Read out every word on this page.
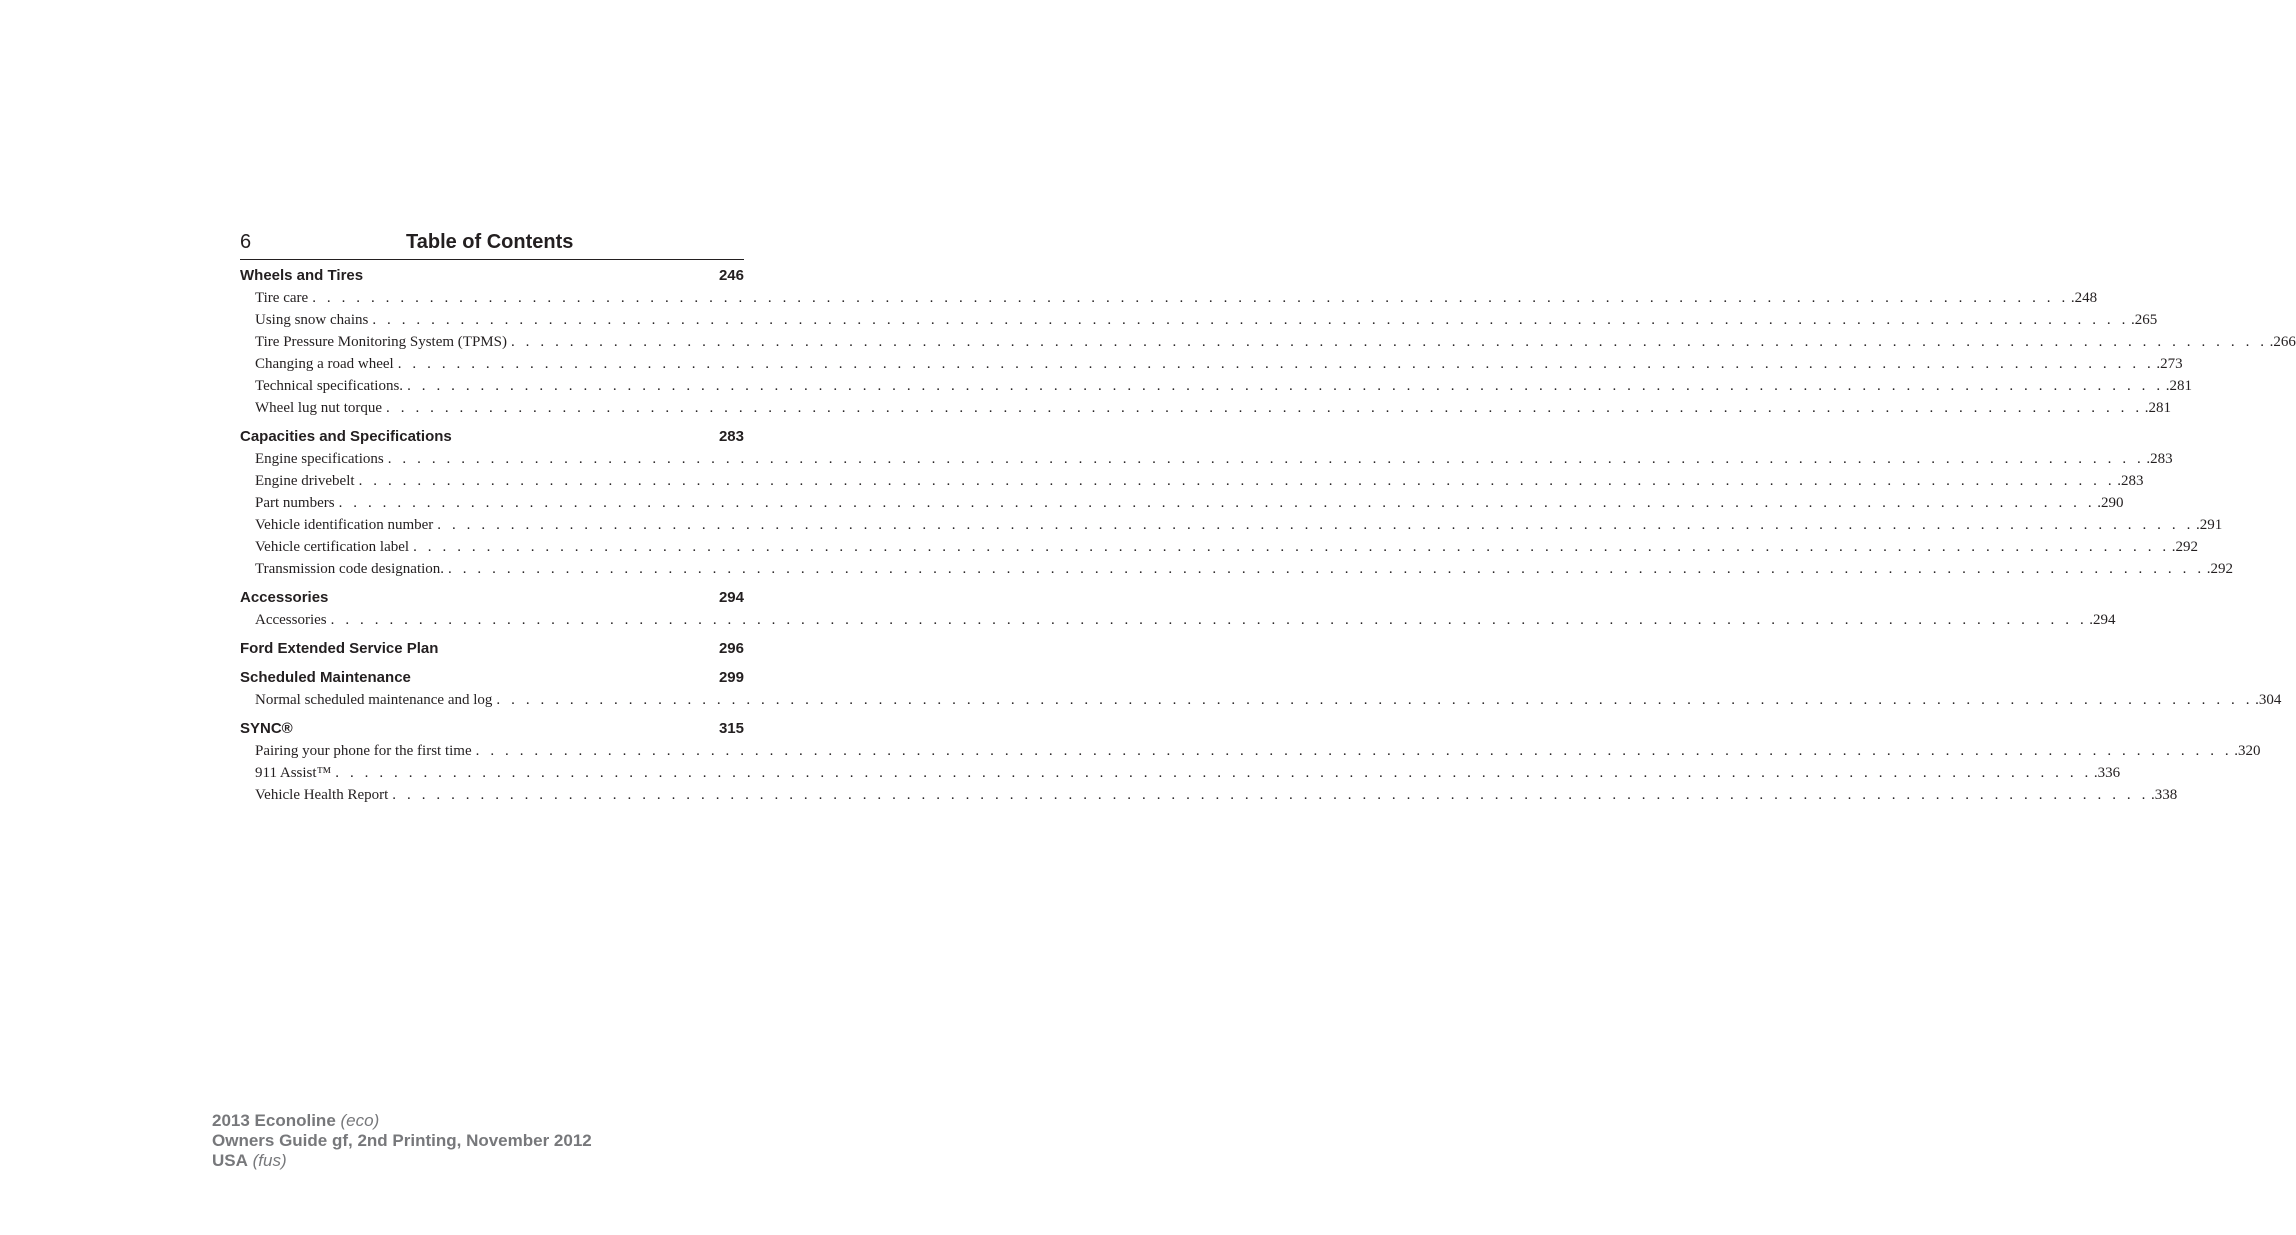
6	Table of Contents
Wheels and Tires	246
Tire care . . . . . . . . . . . . . . . . . . . . . . . . . . . . . . . . . . . . . . . . . . . . . . . . . . . . . . . . . . . . . . . . . . . . . . . . . . . . . . . . . . . . . . . . . . . . . . . . . . . . . . . . . . . . . . . . . . . . . . . . .248
Using snow chains . . . . . . . . . . . . . . . . . . . . . . . . . . . . . . . . . . . . . . . . . . . . . . . . . . . . . . . . . . . . . . . . . . . . . . . . . . . . . . . . . . . . . . . . . . . . . . . . . . . . . . . . . . . . . . . . . . . . . . . . .265
Tire Pressure Monitoring System (TPMS) . . . . . . . . . . . . . . . . . . . . . . . . . . . . . . . . . . . . . . . . . . . . . . . . . . . . . . . . . . . . . . . . . . . . . . . . . . . . . . . . . . . . . . . . . . . . . . . . . . . . . . . . . . . . . . . . . . . . . . . . .266
Changing a road wheel . . . . . . . . . . . . . . . . . . . . . . . . . . . . . . . . . . . . . . . . . . . . . . . . . . . . . . . . . . . . . . . . . . . . . . . . . . . . . . . . . . . . . . . . . . . . . . . . . . . . . . . . . . . . . . . . . . . . . . . . .273
Technical specifications. . . . . . . . . . . . . . . . . . . . . . . . . . . . . . . . . . . . . . . . . . . . . . . . . . . . . . . . . . . . . . . . . . . . . . . . . . . . . . . . . . . . . . . . . . . . . . . . . . . . . . . . . . . . . . . . . . . . . . . . . .281
Wheel lug nut torque . . . . . . . . . . . . . . . . . . . . . . . . . . . . . . . . . . . . . . . . . . . . . . . . . . . . . . . . . . . . . . . . . . . . . . . . . . . . . . . . . . . . . . . . . . . . . . . . . . . . . . . . . . . . . . . . . . . . . . . . .281
Capacities and Specifications	283
Engine specifications . . . . . . . . . . . . . . . . . . . . . . . . . . . . . . . . . . . . . . . . . . . . . . . . . . . . . . . . . . . . . . . . . . . . . . . . . . . . . . . . . . . . . . . . . . . . . . . . . . . . . . . . . . . . . . . . . . . . . . . . .283
Engine drivebelt . . . . . . . . . . . . . . . . . . . . . . . . . . . . . . . . . . . . . . . . . . . . . . . . . . . . . . . . . . . . . . . . . . . . . . . . . . . . . . . . . . . . . . . . . . . . . . . . . . . . . . . . . . . . . . . . . . . . . . . . .283
Part numbers . . . . . . . . . . . . . . . . . . . . . . . . . . . . . . . . . . . . . . . . . . . . . . . . . . . . . . . . . . . . . . . . . . . . . . . . . . . . . . . . . . . . . . . . . . . . . . . . . . . . . . . . . . . . . . . . . . . . . . . . .290
Vehicle identification number . . . . . . . . . . . . . . . . . . . . . . . . . . . . . . . . . . . . . . . . . . . . . . . . . . . . . . . . . . . . . . . . . . . . . . . . . . . . . . . . . . . . . . . . . . . . . . . . . . . . . . . . . . . . . . . . . . . . . . . . .291
Vehicle certification label . . . . . . . . . . . . . . . . . . . . . . . . . . . . . . . . . . . . . . . . . . . . . . . . . . . . . . . . . . . . . . . . . . . . . . . . . . . . . . . . . . . . . . . . . . . . . . . . . . . . . . . . . . . . . . . . . . . . . . . . .292
Transmission code designation. . . . . . . . . . . . . . . . . . . . . . . . . . . . . . . . . . . . . . . . . . . . . . . . . . . . . . . . . . . . . . . . . . . . . . . . . . . . . . . . . . . . . . . . . . . . . . . . . . . . . . . . . . . . . . . . . . . . . . . . . .292
Accessories	294
Accessories . . . . . . . . . . . . . . . . . . . . . . . . . . . . . . . . . . . . . . . . . . . . . . . . . . . . . . . . . . . . . . . . . . . . . . . . . . . . . . . . . . . . . . . . . . . . . . . . . . . . . . . . . . . . . . . . . . . . . . . . .294
Ford Extended Service Plan	296
Scheduled Maintenance	299
Normal scheduled maintenance and log . . . . . . . . . . . . . . . . . . . . . . . . . . . . . . . . . . . . . . . . . . . . . . . . . . . . . . . . . . . . . . . . . . . . . . . . . . . . . . . . . . . . . . . . . . . . . . . . . . . . . . . . . . . . . . . . . . . . . . . . .304
SYNC®	315
Pairing your phone for the first time . . . . . . . . . . . . . . . . . . . . . . . . . . . . . . . . . . . . . . . . . . . . . . . . . . . . . . . . . . . . . . . . . . . . . . . . . . . . . . . . . . . . . . . . . . . . . . . . . . . . . . . . . . . . . . . . . . . . . . . . .320
911 Assist™ . . . . . . . . . . . . . . . . . . . . . . . . . . . . . . . . . . . . . . . . . . . . . . . . . . . . . . . . . . . . . . . . . . . . . . . . . . . . . . . . . . . . . . . . . . . . . . . . . . . . . . . . . . . . . . . . . . . . . . . . .336
Vehicle Health Report . . . . . . . . . . . . . . . . . . . . . . . . . . . . . . . . . . . . . . . . . . . . . . . . . . . . . . . . . . . . . . . . . . . . . . . . . . . . . . . . . . . . . . . . . . . . . . . . . . . . . . . . . . . . . . . . . . . . . . . . .338
2013 Econoline (eco)
Owners Guide gf, 2nd Printing, November 2012
USA (fus)
